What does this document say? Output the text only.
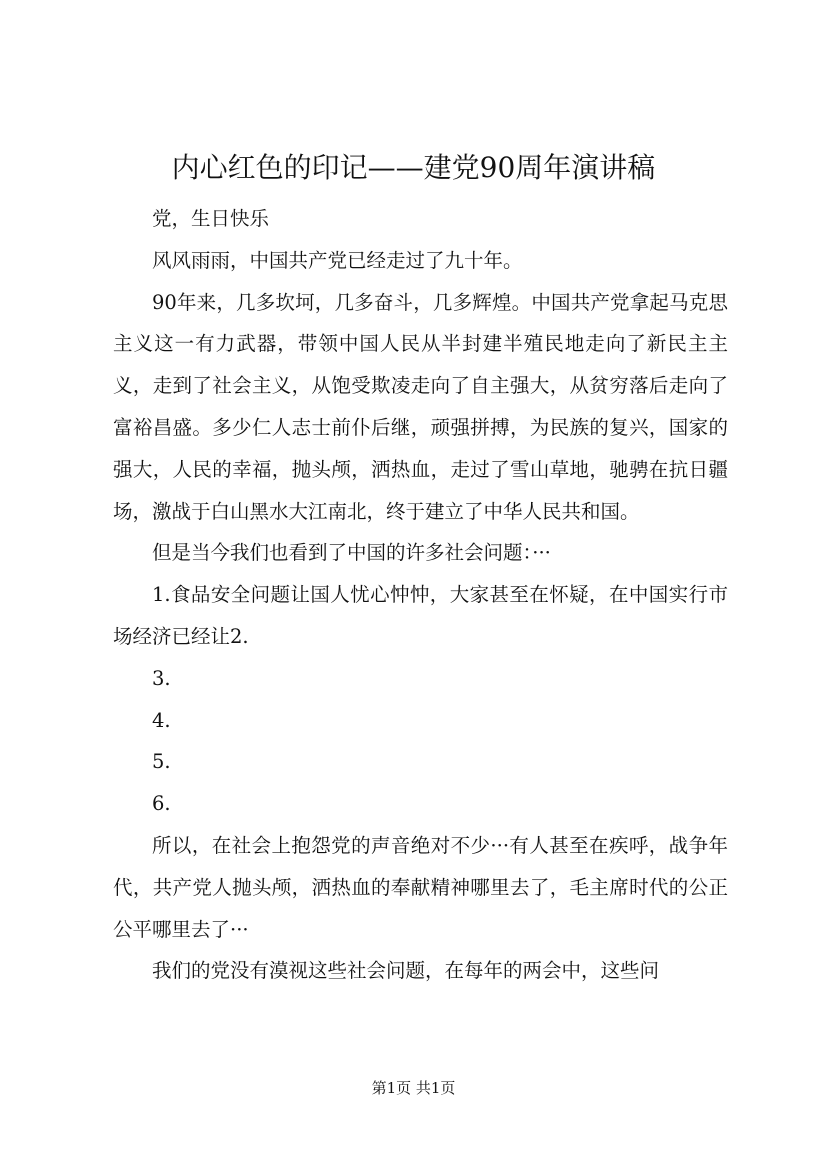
内心红色的印记——建党90周年演讲稿

党，生日快乐

风风雨雨，中国共产党已经走过了九十年。

90年来，几多坎坷，几多奋斗，几多辉煌。中国共产党拿起马克思主义这一有力武器，带领中国人民从半封建半殖民地走向了新民主主义，走到了社会主义，从饱受欺凌走向了自主强大，从贫穷落后走向了富裕昌盛。多少仁人志士前仆后继，顽强拼搏，为民族的复兴，国家的强大，人民的幸福，抛头颅，洒热血，走过了雪山草地，驰骋在抗日疆场，激战于白山黑水大江南北，终于建立了中华人民共和国。

但是当今我们也看到了中国的许多社会问题：···

1.食品安全问题让国人忧心忡忡，大家甚至在怀疑，在中国实行市场经济已经让2.

3.

4.

5.

6.

所以，在社会上抱怨党的声音绝对不少···有人甚至在疾呼，战争年代，共产党人抛头颅，洒热血的奉献精神哪里去了，毛主席时代的公正公平哪里去了···

我们的党没有漠视这些社会问题，在每年的两会中，这些问

第1页 共1页
